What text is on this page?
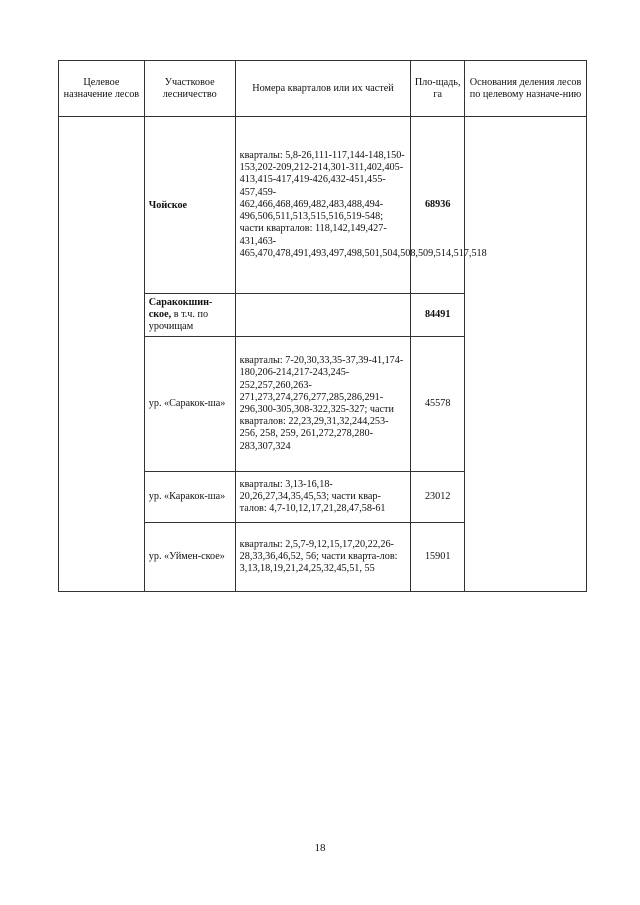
Целевое назначение лесов	Участковое лесничество	Номера кварталов или их частей	Пло-щадь, га	Основания деления лесов по целевому назначе-нию
	Чойское	кварталы: 5,8-26,111-117,144-148,150-153,202-209,212-214,301-311,402,405-413,415-417,419-426,432-451,455-457,459-462,466,468,469,482,483,488,494-496,506,511,513,515,516,519-548; части кварталов: 118,142,149,427-431,463-465,470,478,491,493,497,498,501,504,508,509,514,517,518	68936	
	Саракокшин-ское, в т.ч. по урочищам		84491	
	ур. «Саракок-ша»	кварталы: 7-20,30,33,35-37,39-41,174-180,206-214,217-243,245-252,257,260,263-271,273,274,276,277,285,286,291-296,300-305,308-322,325-327; части кварталов: 22,23,29,31,32,244,253-256, 258, 259, 261,272,278,280-283,307,324	45578	
	ур. «Каракок-ша»	кварталы: 3,13-16,18-20,26,27,34,35,45,53; части квар-талов: 4,7-10,12,17,21,28,47,58-61	23012	
	ур. «Уймен-ское»	кварталы: 2,5,7-9,12,15,17,20,22,26-28,33,36,46,52, 56; части кварта-лов: 3,13,18,19,21,24,25,32,45,51, 55	15901	
18
